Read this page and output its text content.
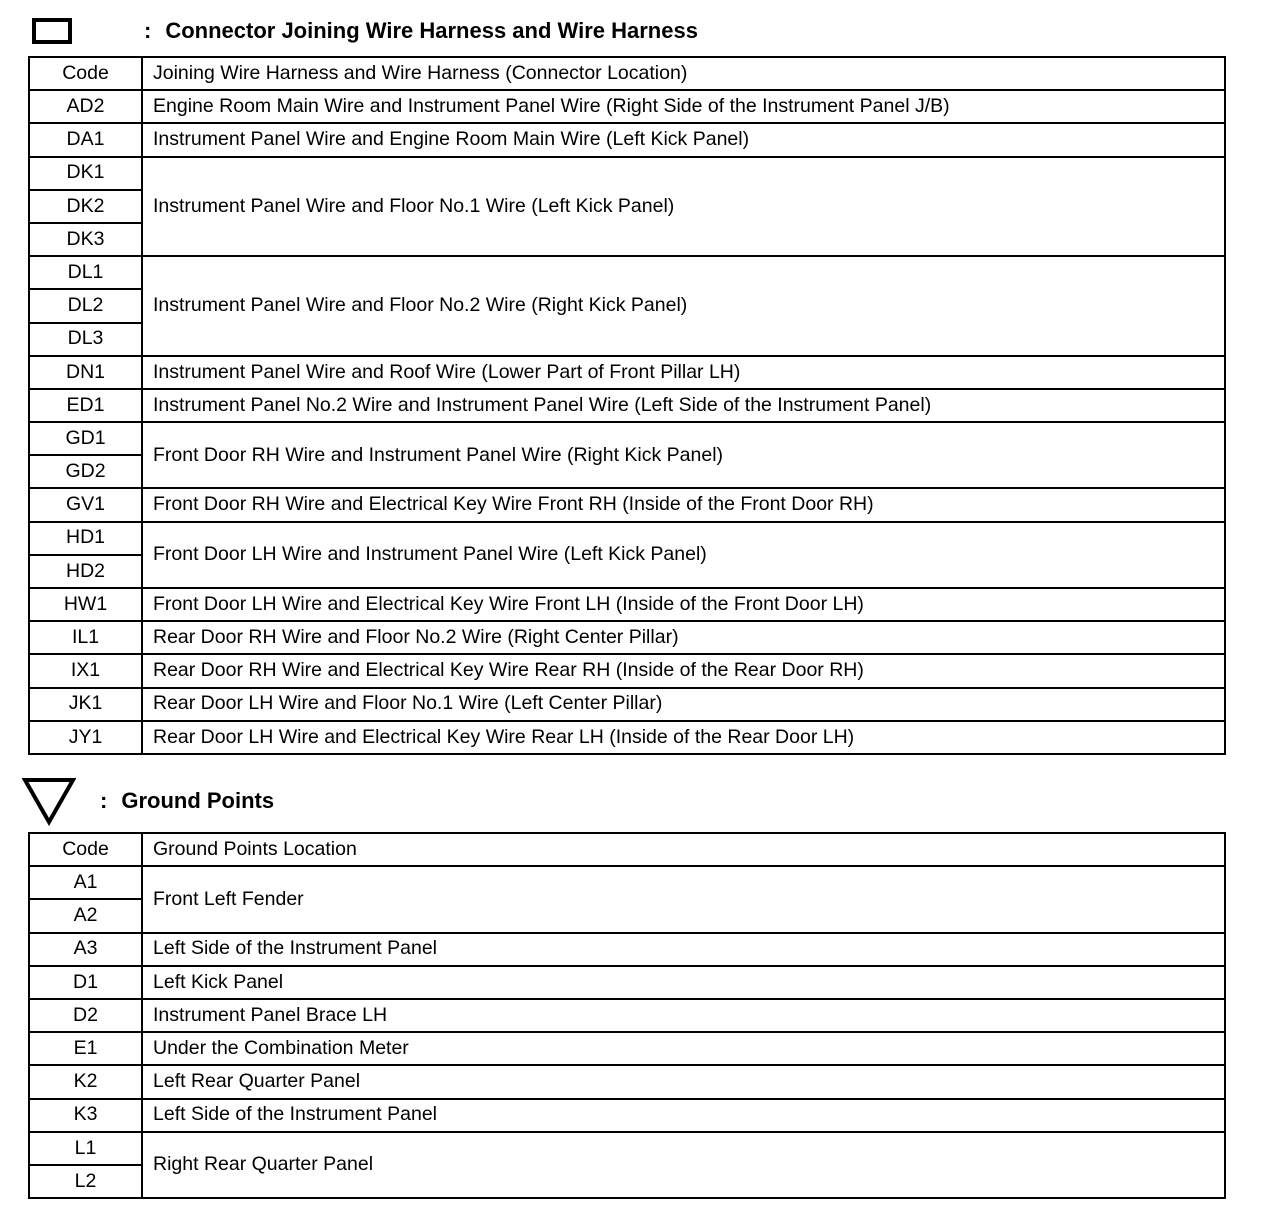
: Connector Joining Wire Harness and Wire Harness
Code	Joining Wire Harness and Wire Harness (Connector Location)
AD2	Engine Room Main Wire and Instrument Panel Wire (Right Side of the Instrument Panel J/B)
DA1	Instrument Panel Wire and Engine Room Main Wire (Left Kick Panel)
DK1	Instrument Panel Wire and Floor No.1 Wire (Left Kick Panel)
DK2	
DK3	
DL1	Instrument Panel Wire and Floor No.2 Wire (Right Kick Panel)
DL2	
DL3	
DN1	Instrument Panel Wire and Roof Wire (Lower Part of Front Pillar LH)
ED1	Instrument Panel No.2 Wire and Instrument Panel Wire (Left Side of the Instrument Panel)
GD1	Front Door RH Wire and Instrument Panel Wire (Right Kick Panel)
GD2	
GV1	Front Door RH Wire and Electrical Key Wire Front RH (Inside of the Front Door RH)
HD1	Front Door LH Wire and Instrument Panel Wire (Left Kick Panel)
HD2	
HW1	Front Door LH Wire and Electrical Key Wire Front LH (Inside of the Front Door LH)
IL1	Rear Door RH Wire and Floor No.2 Wire (Right Center Pillar)
IX1	Rear Door RH Wire and Electrical Key Wire Rear RH (Inside of the Rear Door RH)
JK1	Rear Door LH Wire and Floor No.1 Wire (Left Center Pillar)
JY1	Rear Door LH Wire and Electrical Key Wire Rear LH (Inside of the Rear Door LH)
: Ground Points
Code	Ground Points Location
A1	Front Left Fender
A2	
A3	Left Side of the Instrument Panel
D1	Left Kick Panel
D2	Instrument Panel Brace LH
E1	Under the Combination Meter
K2	Left Rear Quarter Panel
K3	Left Side of the Instrument Panel
L1	Right Rear Quarter Panel
L2	
